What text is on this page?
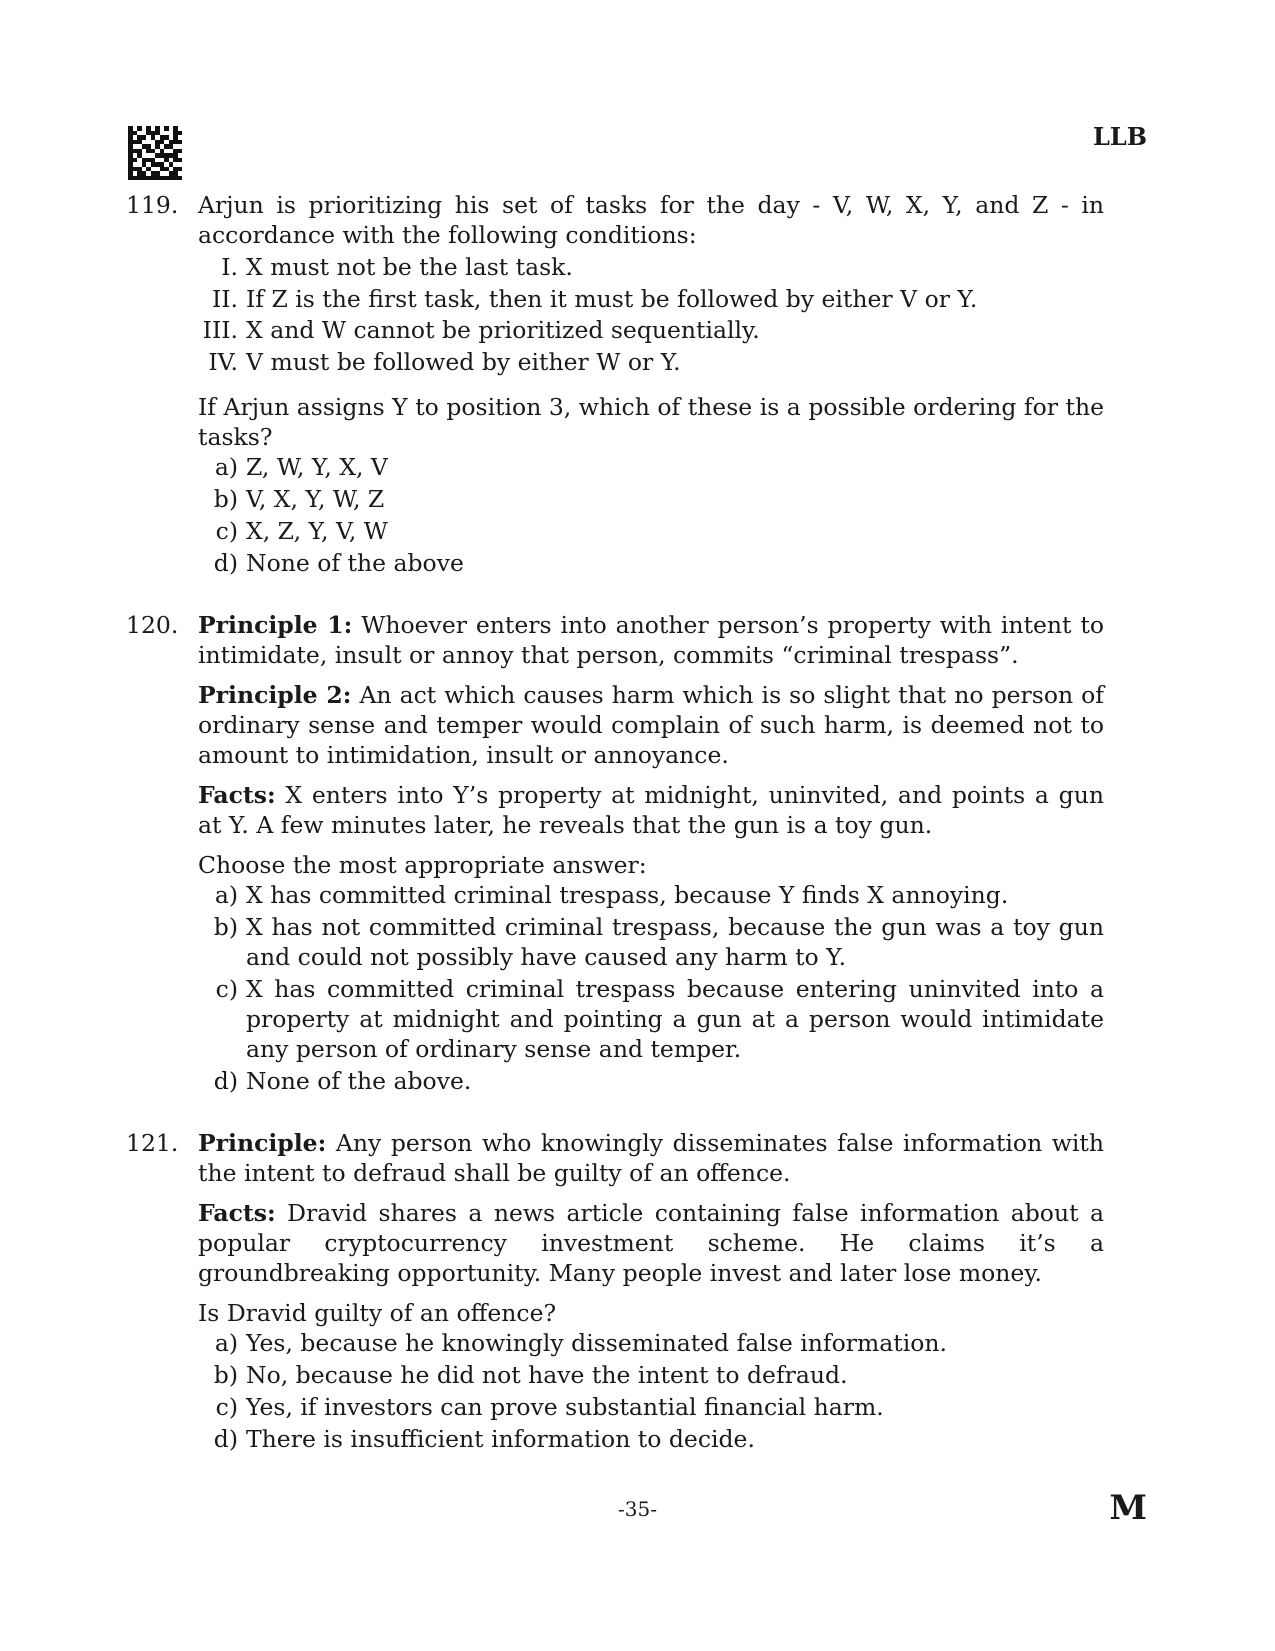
LLB
119. Arjun is prioritizing his set of tasks for the day - V, W, X, Y, and Z - in accordance with the following conditions:

I. X must not be the last task.
II. If Z is the first task, then it must be followed by either V or Y.
III. X and W cannot be prioritized sequentially.
IV. V must be followed by either W or Y.

If Arjun assigns Y to position 3, which of these is a possible ordering for the tasks?

a) Z, W, Y, X, V
b) V, X, Y, W, Z
c) X, Z, Y, V, W
d) None of the above
120. Principle 1: Whoever enters into another person’s property with intent to intimidate, insult or annoy that person, commits “criminal trespass”.

Principle 2: An act which causes harm which is so slight that no person of ordinary sense and temper would complain of such harm, is deemed not to amount to intimidation, insult or annoyance.

Facts: X enters into Y’s property at midnight, uninvited, and points a gun at Y. A few minutes later, he reveals that the gun is a toy gun.

Choose the most appropriate answer:

a) X has committed criminal trespass, because Y finds X annoying.
b) X has not committed criminal trespass, because the gun was a toy gun and could not possibly have caused any harm to Y.
c) X has committed criminal trespass because entering uninvited into a property at midnight and pointing a gun at a person would intimidate any person of ordinary sense and temper.
d) None of the above.
121. Principle: Any person who knowingly disseminates false information with the intent to defraud shall be guilty of an offence.

Facts: Dravid shares a news article containing false information about a popular cryptocurrency investment scheme. He claims it’s a groundbreaking opportunity. Many people invest and later lose money.

Is Dravid guilty of an offence?

a) Yes, because he knowingly disseminated false information.
b) No, because he did not have the intent to defraud.
c) Yes, if investors can prove substantial financial harm.
d) There is insufficient information to decide.
-35-	M
